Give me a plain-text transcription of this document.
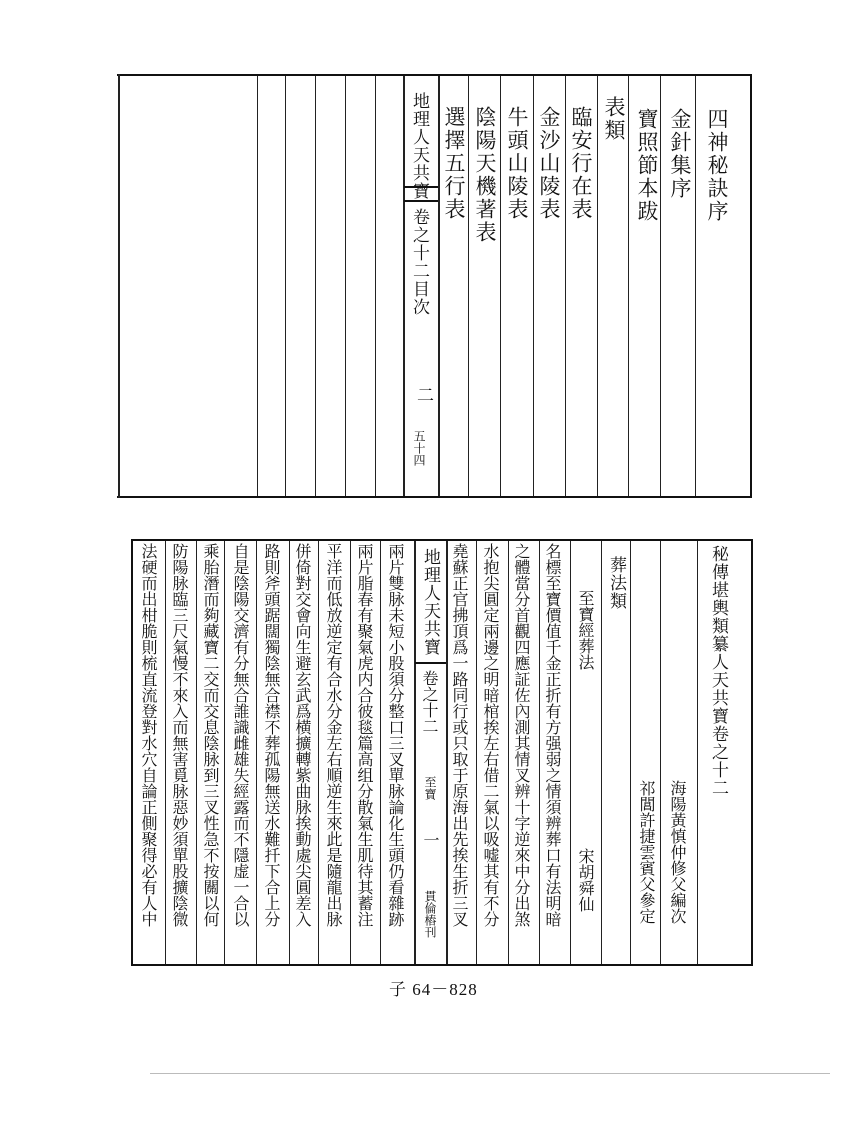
四神秘訣序
金針集序
寶照節本跋
表類
臨安行在表
金沙山陵表
牛頭山陵表
陰陽天機著表
選擇五行表
地理人天共寶
卷之十二目次
二
五十四
秘傳堪輿類纂人天共寶卷之十二
海陽黃慎仲修父編次
祁閶許捷雲賓父參定
葬法類
至寶經葬法
宋胡舜仙
名標至寶價值千金正折有方强弱之情須辨葬口有法明暗
之體當分首觀四應証佐內測其情叉辨十字逆來中分出煞
水抱尖圓定兩邊之明暗棺挨左右借二氣以吸嘘其有不分
堯蘇正官拂頂爲一路同行或只取于原海出先挨生折三叉
地理人天共寶
卷之十二
至寶
一
貫倫樁刊
兩片雙脉未短小股須分整口三叉單脉論化生頭仍看雜跡
兩片脂春有聚氣虎内合彼毯篇高组分散氣生肌待其蓄注
平洋而低放逆定有合水分金左右順逆生來此是隨龍出脉
併倚對交會向生避玄武爲横擴轉紫曲脉挨動處尖圓差入
路則斧頭踞闊獨陰無合襟不葬孤陽無送水難扦下合上分
自是陰陽交濟有分無合誰識雌雄失經露而不隱虚一合以
乘胎潛而夠藏寶二交而交息陰脉到三叉性急不按關以何
防陽脉臨三尺氣慢不來入而無害覓脉惡妙須單股擴陰微
法硬而出柑脆則梳直流登對水穴自論正側聚得必有人中
子 64－828
